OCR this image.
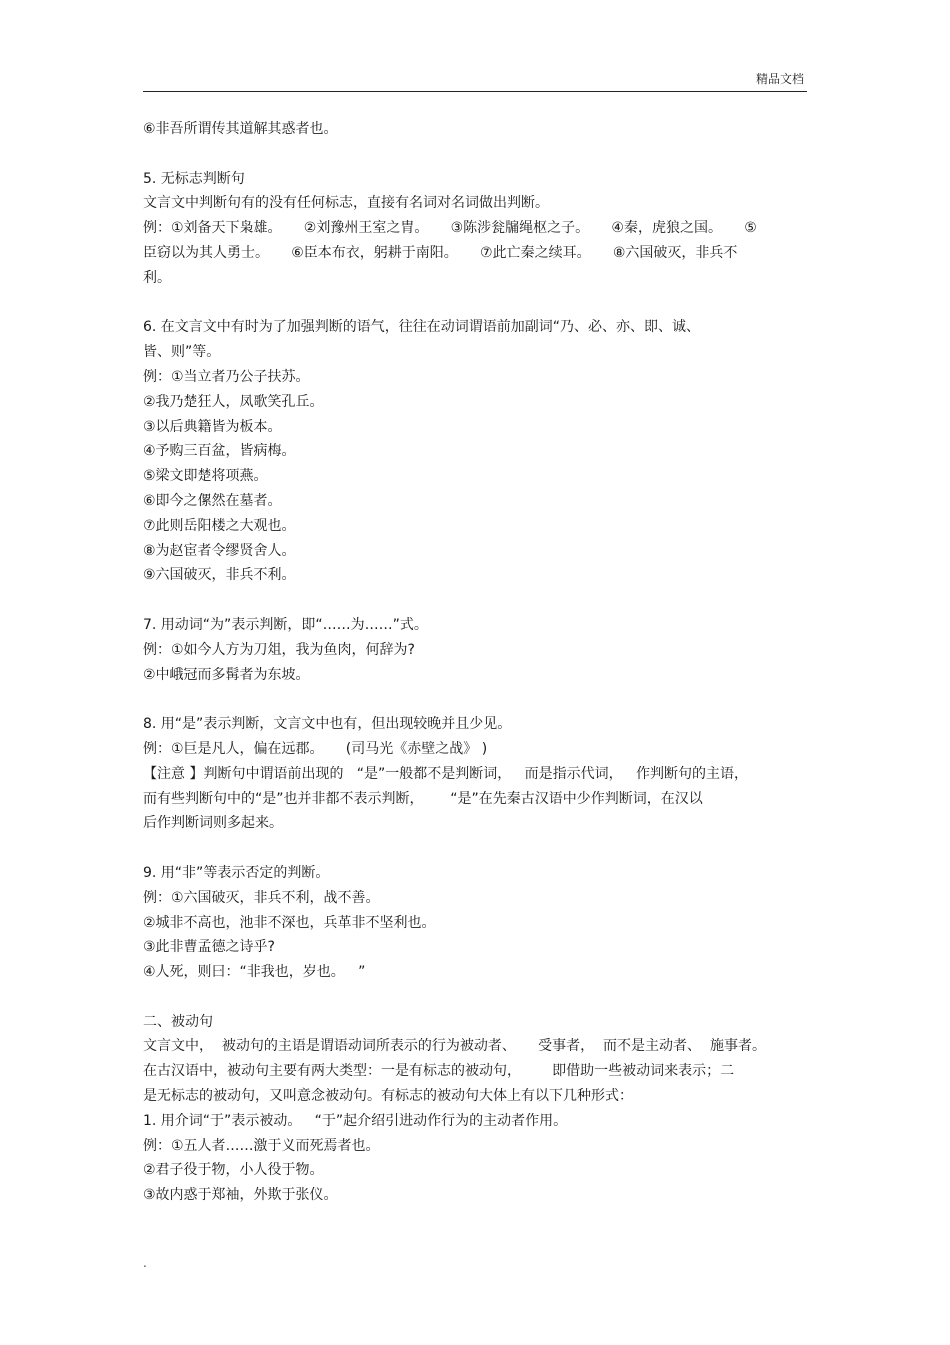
精品文档
⑥非吾所谓传其道解其惑者也。
5. 无标志判断句
文言文中判断句有的没有任何标志，直接有名词对名词做出判断。
例：①刘备天下枭雄。     ②刘豫州王室之胄。     ③陈涉瓮牖绳枢之子。     ④秦，虎狼之国。     ⑤
臣窃以为其人勇士。     ⑥臣本布衣，躬耕于南阳。     ⑦此亡秦之续耳。     ⑧六国破灭，非兵不
利。
6. 在文言文中有时为了加强判断的语气，往往在动词谓语前加副词“乃、必、亦、即、诚、
皆、则”等。
例：①当立者乃公子扶苏。
②我乃楚狂人，凤歌笑孔丘。
③以后典籍皆为板本。
④予购三百盆，皆病梅。
⑤梁文即楚将项燕。
⑥即今之傫然在墓者。
⑦此则岳阳楼之大观也。
⑧为赵宦者令缪贤舍人。
⑨六国破灭，非兵不利。
7. 用动词“为”表示判断，即“……为……”式。
例：①如今人方为刀俎，我为鱼肉，何辞为?
②中峨冠而多髯者为东坡。
8. 用“是”表示判断，文言文中也有，但出现较晚并且少见。
例：①巨是凡人，偏在远郡。     (司马光《赤壁之战》 )
【注意 】判断句中谓语前出现的   “是”一般都不是判断词，   而是指示代词，   作判断句的主语，
而有些判断句中的“是”也并非都不表示判断，      “是”在先秦古汉语中少作判断词，在汉以
后作判断词则多起来。
9. 用“非”等表示否定的判断。
例：①六国破灭，非兵不利，战不善。
②城非不高也，池非不深也，兵革非不坚利也。
③此非曹孟德之诗乎?
④人死，则曰：“非我也，岁也。   ”
二、被动句
文言文中，  被动句的主语是谓语动词所表示的行为被动者、     受事者，  而不是主动者、  施事者。
在古汉语中，被动句主要有两大类型：一是有标志的被动句，       即借助一些被动词来表示；二
是无标志的被动句，又叫意念被动句。有标志的被动句大体上有以下几种形式：
1. 用介词“于”表示被动。   “于”起介绍引进动作行为的主动者作用。
例：①五人者……激于义而死焉者也。
②君子役于物，小人役于物。
③故内惑于郑袖，外欺于张仪。
.
